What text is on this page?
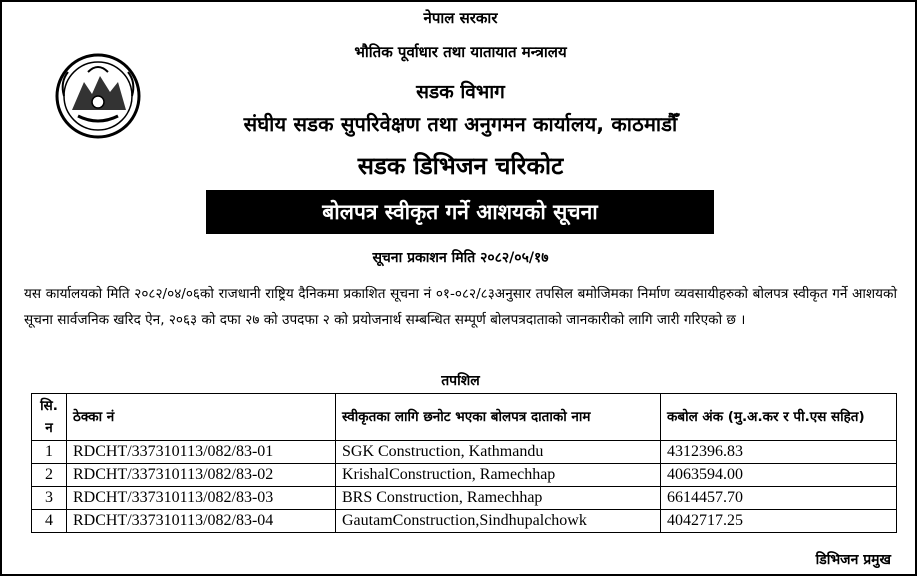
नेपाल सरकार
भौतिक पूर्वाधार तथा यातायात मन्त्रालय
सडक विभाग
संघीय सडक सुपरिवेक्षण तथा अनुगमन कार्यालय, काठमाडौँ
सडक डिभिजन चरिकोट
बोलपत्र स्वीकृत गर्ने आशयको सूचना
सूचना प्रकाशन मिति २०८२/०५/१७
यस कार्यालयको मिति २०८२/०४/०६को राजधानी राष्ट्रिय दैनिकमा प्रकाशित सूचना नं ०१-०८२/८३अनुसार तपसिल बमोजिमका निर्माण व्यवसायीहरुको बोलपत्र स्वीकृत गर्ने आशयको सूचना सार्वजनिक खरिद ऐन, २०६३ को दफा २७ को उपदफा २ को प्रयोजनार्थ सम्बन्धित सम्पूर्ण बोलपत्रदाताको जानकारीको लागि जारी गरिएको छ ।
तपशिल
सि. न	ठेक्का नं	स्वीकृतका लागि छनोट भएका बोलपत्र दाताको नाम	कबोल अंक (मु.अ.कर र पी.एस सहित)
1	RDCHT/337310113/082/83-01	SGK Construction, Kathmandu	4312396.83
2	RDCHT/337310113/082/83-02	KrishalConstruction, Ramechhap	4063594.00
3	RDCHT/337310113/082/83-03	BRS Construction, Ramechhap	6614457.70
4	RDCHT/337310113/082/83-04	GautamConstruction,Sindhupalchowk	4042717.25
डिभिजन प्रमुख
